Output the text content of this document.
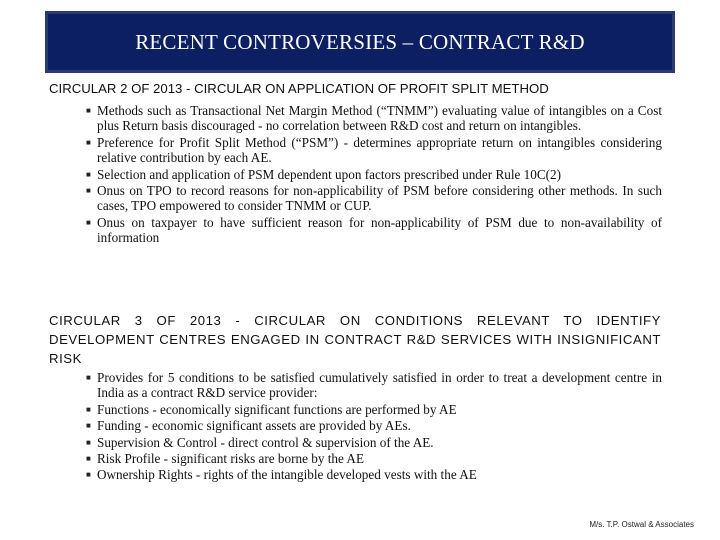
RECENT CONTROVERSIES – CONTRACT R&D
CIRCULAR 2 OF 2013 - CIRCULAR ON APPLICATION OF PROFIT SPLIT METHOD
■ Methods such as Transactional Net Margin Method (“TNMM”) evaluating value of intangibles on a Cost plus Return basis discouraged - no correlation between R&D cost and return on intangibles.
■ Preference for Profit Split Method (“PSM”) - determines appropriate return on intangibles considering relative contribution by each AE.
■ Selection and application of PSM dependent upon factors prescribed under Rule 10C(2)
■ Onus on TPO to record reasons for non-applicability of PSM before considering other methods. In such cases, TPO empowered to consider TNMM or CUP.
■ Onus on taxpayer to have sufficient reason for non-applicability of PSM due to non-availability of information
CIRCULAR 3 OF 2013 - CIRCULAR ON CONDITIONS RELEVANT TO IDENTIFY DEVELOPMENT CENTRES ENGAGED IN CONTRACT R&D SERVICES WITH INSIGNIFICANT RISK
■ Provides for 5 conditions to be satisfied cumulatively satisfied in order to treat a development centre in India as a contract R&D service provider:
■ Functions - economically significant functions are performed by AE
■ Funding - economic significant assets are provided by AEs.
■ Supervision & Control - direct control & supervision of the AE.
■ Risk Profile - significant risks are borne by the AE
■ Ownership Rights - rights of the intangible developed vests with the AE
M/s. T.P. Ostwal & Associates
